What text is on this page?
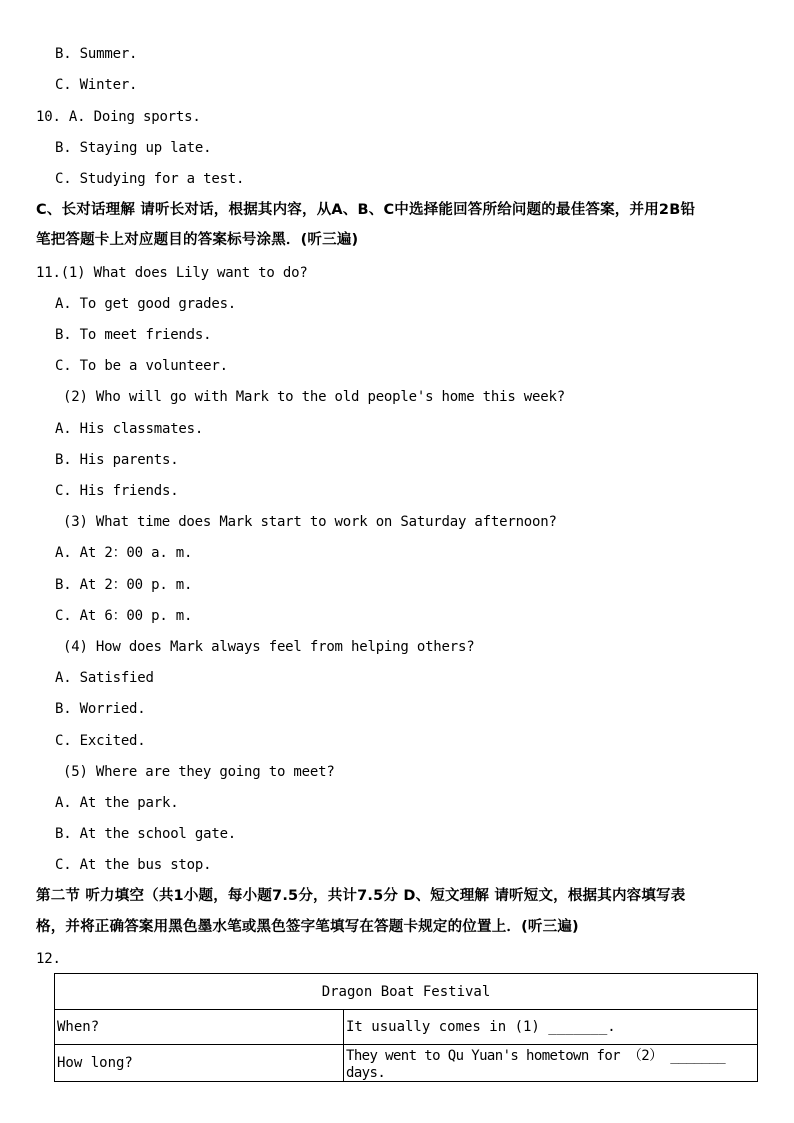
B. Summer.
C. Winter.
10. A. Doing sports.
B. Staying up late.
C. Studying for a test.
C、长对话理解 请听长对话，根据其内容，从A、B、C中选择能回答所给问题的最佳答案，并用2B铅
笔把答题卡上对应题目的答案标号涂黑．(听三遍)
11.(1) What does Lily want to do?
A. To get good grades.
B. To meet friends.
C. To be a volunteer.
(2) Who will go with Mark to the old people's home this week?
A. His classmates.
B. His parents.
C. His friends.
(3) What time does Mark start to work on Saturday afternoon?
A. At 2：00 a. m.
B. At 2：00 p. m.
C. At 6：00 p. m.
(4) How does Mark always feel from helping others?
A. Satisfied
B. Worried.
C. Excited.
(5) Where are they going to meet?
A. At the park.
B. At the school gate.
C. At the bus stop.
第二节 听力填空（共1小题，每小题7.5分，共计7.5分 D、短文理解 请听短文，根据其内容填写表
格，并将正确答案用黑色墨水笔或黑色签字笔填写在答题卡规定的位置上．(听三遍)
12.
Dragon Boat Festival	
When?	It usually comes in (1) _______.
How long?	They went to Qu Yuan's hometown for （2） _______ days.
